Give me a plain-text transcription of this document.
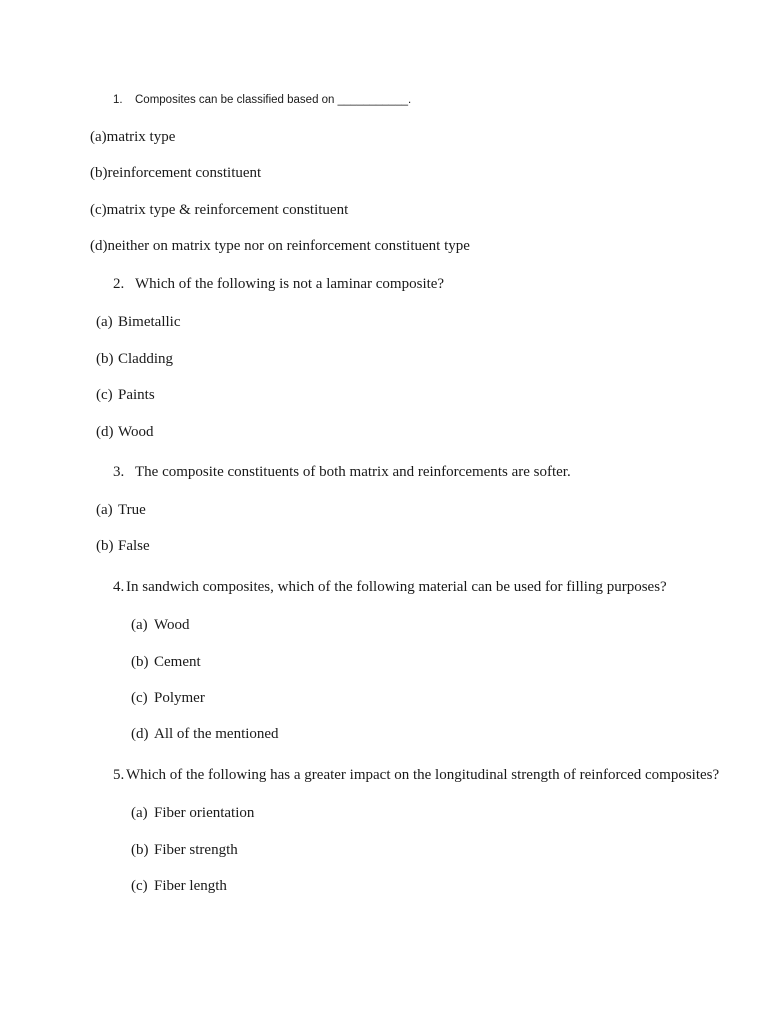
1. Composites can be classified based on ___________.
(a)matrix type
(b)reinforcement constituent
(c)matrix type & reinforcement constituent
(d)neither on matrix type nor on reinforcement constituent type
2. Which of the following is not a laminar composite?
(a) Bimetallic
(b) Cladding
(c) Paints
(d) Wood
3. The composite constituents of both matrix and reinforcements are softer.
(a) True
(b) False
4. In sandwich composites, which of the following material can be used for filling purposes?
(a) Wood
(b) Cement
(c) Polymer
(d) All of the mentioned
5. Which of the following has a greater impact on the longitudinal strength of reinforced composites?
(a) Fiber orientation
(b) Fiber strength
(c) Fiber length
